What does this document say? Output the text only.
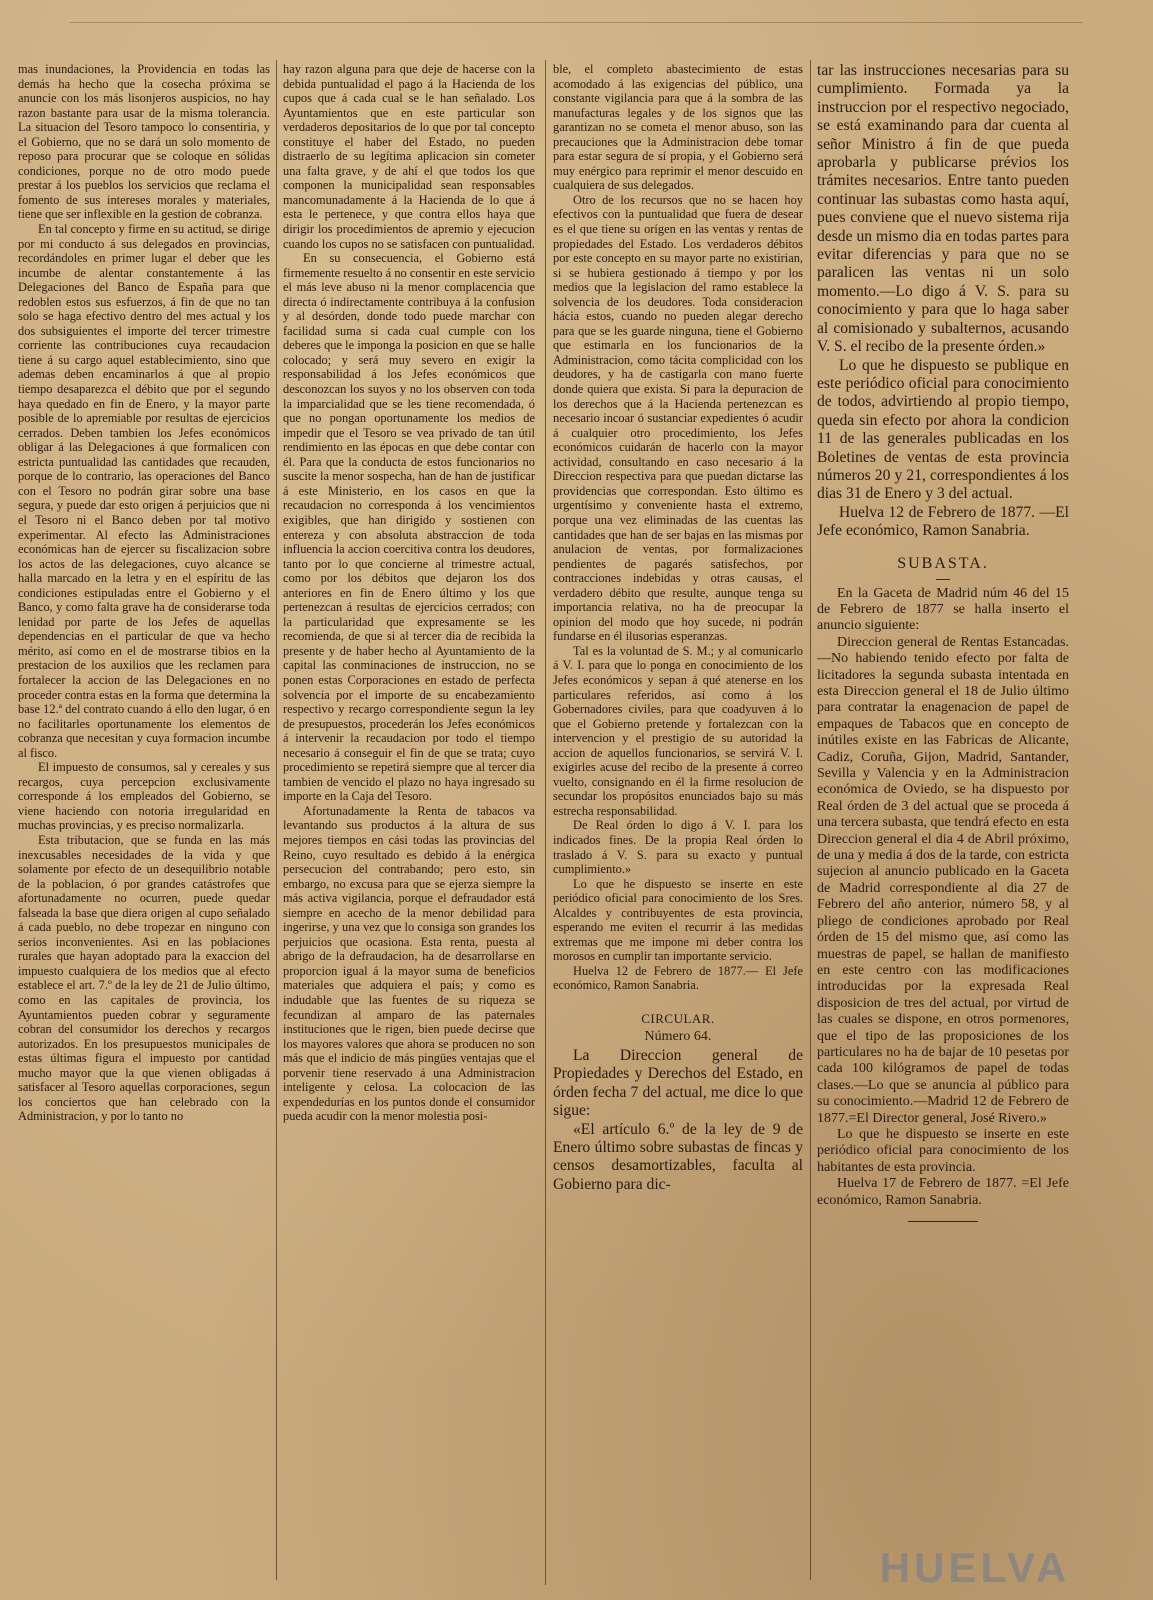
mas inundaciones, la Providencia en todas las demás ha hecho que la cosecha próxima se anuncie con los más lisonjeros auspicios, no hay razon bastante para usar de la misma tolerancia. La situacion del Tesoro tampoco lo consentiria, y el Gobierno, que no se dará un solo momento de reposo para procurar que se coloque en sólidas condiciones, porque no de otro modo puede prestar á los pueblos los servicios que reclama el fomento de sus intereses morales y materiales, tiene que ser inflexible en la gestion de cobranza.

En tal concepto y firme en su actitud, se dirige por mi conducto á sus delegados en provincias, recordándoles en primer lugar el deber que les incumbe de alentar constantemente á las Delegaciones del Banco de España para que redoblen estos sus esfuerzos, á fin de que no tan solo se haga efectivo dentro del mes actual y los dos subsiguientes el importe del tercer trimestre corriente las contribuciones cuya recaudacion tiene á su cargo aquel establecimiento, sino que ademas deben encaminarlos á que al propio tiempo desaparezca el débito que por el segundo haya quedado en fin de Enero, y la mayor parte posible de lo apremiable por resultas de ejercicios cerrados. Deben tambien los Jefes económicos obligar á las Delegaciones á que formalicen con estricta puntualidad las cantidades que recauden, porque de lo contrario, las operaciones del Banco con el Tesoro no podrán girar sobre una base segura, y puede dar esto origen á perjuicios que ni el Tesoro ni el Banco deben por tal motivo experimentar. Al efecto las Administraciones económicas han de ejercer su fiscalizacion sobre los actos de las delegaciones, cuyo alcance se halla marcado en la letra y en el espíritu de las condiciones estipuladas entre el Gobierno y el Banco, y como falta grave ha de considerarse toda lenidad por parte de los Jefes de aquellas dependencias en el particular de que va hecho mérito, así como en el de mostrarse tibios en la prestacion de los auxilios que les reclamen para fortalecer la accion de las Delegaciones en no proceder contra estas en la forma que determina la base 12.ª del contrato cuando á ello den lugar, ó en no facilitarles oportunamente los elementos de cobranza que necesitan y cuya formacion incumbe al fisco.

El impuesto de consumos, sal y cereales y sus recargos, cuya percepcion exclusivamente corresponde á los empleados del Gobierno, se viene haciendo con notoria irregularidad en muchas provincias, y es preciso normalizarla.

Esta tributacion, que se funda en las más inexcusables necesidades de la vida y que solamente por efecto de un desequilibrio notable de la poblacion, ó por grandes catástrofes que afortunadamente no ocurren, puede quedar falseada la base que diera origen al cupo señalado á cada pueblo, no debe tropezar en ninguno con serios inconvenientes. Asi en las poblaciones rurales que hayan adoptado para la exaccion del impuesto cualquiera de los medios que al efecto establece el art. 7.º de la ley de 21 de Julio último, como en las capitales de provincia, los Ayuntamientos pueden cobrar y seguramente cobran del consumidor los derechos y recargos autorizados. En los presupuestos municipales de estas últimas figura el impuesto por cantidad mucho mayor que la que vienen obligadas á satisfacer al Tesoro aquellas corporaciones, segun los conciertos que han celebrado con la Administracion, y por lo tanto no

hay razon alguna para que deje de hacerse con la debida puntualidad el pago á la Hacienda de los cupos que á cada cual se le han señalado. Los Ayuntamientos que en este particular son verdaderos depositarios de lo que por tal concepto constituye el haber del Estado, no pueden distraerlo de su legítima aplicacion sin cometer una falta grave, y de ahí el que todos los que componen la municipalidad sean responsables mancomunadamente á la Hacienda de lo que á esta le pertenece, y que contra ellos haya que dirigir los procedimientos de apremio y ejecucion cuando los cupos no se satisfacen con puntualidad.

En su consecuencia, el Gobierno está firmemente resuelto á no consentir en este servicio el más leve abuso ni la menor complacencia que directa ó indirectamente contribuya á la confusion y al desórden, donde todo puede marchar con facilidad suma si cada cual cumple con los deberes que le imponga la posicion en que se halle colocado; y será muy severo en exigir la responsabilidad á los Jefes económicos que desconozcan los suyos y no los observen con toda la imparcialidad que se les tiene recomendada, ó que no pongan oportunamente los medios de impedir que el Tesoro se vea privado de tan útil rendimiento en las épocas en que debe contar con él. Para que la conducta de estos funcionarios no suscite la menor sospecha, han de han de justificar á este Ministerio, en los casos en que la recaudacion no corresponda á los vencimientos exigibles, que han dirigido y sostienen con entereza y con absoluta abstraccion de toda influencia la accion coercitiva contra los deudores, tanto por lo que concierne al trimestre actual, como por los débitos que dejaron los dos anteriores en fin de Enero último y los que pertenezcan á resultas de ejercicios cerrados; con la particularidad que expresamente se les recomienda, de que si al tercer dia de recibida la presente y de haber hecho al Ayuntamiento de la capital las conminaciones de instruccion, no se ponen estas Corporaciones en estado de perfecta solvencia por el importe de su encabezamiento respectivo y recargo correspondiente segun la ley de presupuestos, procederán los Jefes económicos á intervenir la recaudacion por todo el tiempo necesario á conseguir el fin de que se trata; cuyo procedimiento se repetirá siempre que al tercer dia tambien de vencido el plazo no haya ingresado su importe en la Caja del Tesoro.

Afortunadamente la Renta de tabacos va levantando sus productos á la altura de sus mejores tiempos en cási todas las provincias del Reino, cuyo resultado es debido á la enérgica persecucion del contrabando; pero esto, sin embargo, no excusa para que se ejerza siempre la más activa vigilancia, porque el defraudador está siempre en acecho de la menor debilidad para ingerirse, y una vez que lo consiga son grandes los perjuicios que ocasiona. Esta renta, puesta al abrigo de la defraudacion, ha de desarrollarse en proporcion igual á la mayor suma de beneficios materiales que adquiera el país; y como es indudable que las fuentes de su riqueza se fecundizan al amparo de las paternales instituciones que le rigen, bien puede decirse que los mayores valores que ahora se producen no son más que el indicio de más pingües ventajas que el porvenir tiene reservado á una Administracion inteligente y celosa. La colocacion de las expendedurías en los puntos donde el consumidor pueda acudir con la menor molestia posi-

ble, el completo abastecimiento de estas acomodado á las exigencias del público, una constante vigilancia para que á la sombra de las manufacturas legales y de los signos que las garantizan no se cometa el menor abuso, son las precauciones que la Administracion debe tomar para estar segura de sí propia, y el Gobierno será muy enérgico para reprimir el menor descuido en cualquiera de sus delegados.

Otro de los recursos que no se hacen hoy efectivos con la puntualidad que fuera de desear es el que tiene su orígen en las ventas y rentas de propiedades del Estado. Los verdaderos débitos por este concepto en su mayor parte no existirian, si se hubiera gestionado á tiempo y por los medios que la legislacion del ramo establece la solvencia de los deudores. Toda consideracion hácia estos, cuando no pueden alegar derecho para que se les guarde ninguna, tiene el Gobierno que estimarla en los funcionarios de la Administracion, como tácita complicidad con los deudores, y ha de castigarla con mano fuerte donde quiera que exista. Si para la depuracion de los derechos que á la Hacienda pertenezcan es necesario incoar ó sustanciar expedientes ó acudir á cualquier otro procedimiento, los Jefes económicos cuidarán de hacerlo con la mayor actividad, consultando en caso necesario á la Direccion respectiva para que puedan dictarse las providencias que correspondan. Esto último es urgentísimo y conveniente hasta el extremo, porque una vez eliminadas de las cuentas las cantidades que han de ser bajas en las mismas por anulacion de ventas, por formalizaciones pendientes de pagarés satisfechos, por contracciones indebidas y otras causas, el verdadero débito que resulte, aunque tenga su importancia relativa, no ha de preocupar la opinion del modo que hoy sucede, ni podrán fundarse en él ilusorias esperanzas.

Tal es la voluntad de S. M.; y al comunicarlo á V. I. para que lo ponga en conocimiento de los Jefes económicos y sepan á qué atenerse en los particulares referidos, así como á los Gobernadores civiles, para que coadyuven á lo que el Gobierno pretende y fortalezcan con la intervencion y el prestigio de su autoridad la accion de aquellos funcionarios, se servirá V. I. exigirles acuse del recibo de la presente á correo vuelto, consignando en él la firme resolucion de secundar los propósitos enunciados bajo su más estrecha responsabilidad.

De Real órden lo digo á V. I. para los indicados fines. De la propia Real órden lo traslado á V. S. para su exacto y puntual cumplimiento.»

Lo que he dispuesto se inserte en este periódico oficial para conocimiento de los Sres. Alcaldes y contribuyentes de esta provincia, esperando me eviten el recurrir á las medidas extremas que me impone mi deber contra los morosos en cumplir tan importante servicio.

Huelva 12 de Febrero de 1877.— El Jefe económico, Ramon Sanabria.

CIRCULAR.
Número 64.

La Direccion general de Propiedades y Derechos del Estado, en órden fecha 7 del actual, me dice lo que sigue:

«El artículo 6.º de la ley de 9 de Enero último sobre subastas de fincas y censos desamortizables, faculta al Gobierno para dic-

tar las instrucciones necesarias para su cumplimiento. Formada ya la instruccion por el respectivo negociado, se está examinando para dar cuenta al señor Ministro á fin de que pueda aprobarla y publicarse prévios los trámites necesarios. Entre tanto pueden continuar las subastas como hasta aquí, pues conviene que el nuevo sistema rija desde un mismo dia en todas partes para evitar diferencias y para que no se paralicen las ventas ni un solo momento.—Lo digo á V. S. para su conocimiento y para que lo haga saber al comisionado y subalternos, acusando V. S. el recibo de la presente órden.»

Lo que he dispuesto se publique en este periódico oficial para conocimiento de todos, advirtiendo al propio tiempo, queda sin efecto por ahora la condicion 11 de las generales publicadas en los Boletines de ventas de esta provincia números 20 y 21, correspondientes á los dias 31 de Enero y 3 del actual.

Huelva 12 de Febrero de 1877. —El Jefe económico, Ramon Sanabria.

SUBASTA.

En la Gaceta de Madrid núm 46 del 15 de Febrero de 1877 se halla inserto el anuncio siguiente:

Direccion general de Rentas Estancadas.—No habiendo tenido efecto por falta de licitadores la segunda subasta intentada en esta Direccion general el 18 de Julio último para contratar la enagenacion de papel de empaques de Tabacos que en concepto de inútiles existe en las Fabricas de Alicante, Cadiz, Coruña, Gijon, Madrid, Santander, Sevilla y Valencia y en la Administracion económica de Oviedo, se ha dispuesto por Real órden de 3 del actual que se proceda á una tercera subasta, que tendrá efecto en esta Direccion general el dia 4 de Abril próximo, de una y media á dos de la tarde, con estricta sujecion al anuncio publicado en la Gaceta de Madrid correspondiente al dia 27 de Febrero del año anterior, número 58, y al pliego de condiciones aprobado por Real órden de 15 del mismo que, así como las muestras de papel, se hallan de manifiesto en este centro con las modificaciones introducidas por la expresada Real disposicion de tres del actual, por virtud de las cuales se dispone, en otros pormenores, que el tipo de las proposiciones de los particulares no ha de bajar de 10 pesetas por cada 100 kilógramos de papel de todas clases.—Lo que se anuncia al público para su conocimiento.—Madrid 12 de Febrero de 1877.=El Director general, José Rivero.»

Lo que he dispuesto se inserte en este periódico oficial para conocimiento de los habitantes de esta provincia.

Huelva 17 de Febrero de 1877. =El Jefe económico, Ramon Sanabria.

HUELVA
